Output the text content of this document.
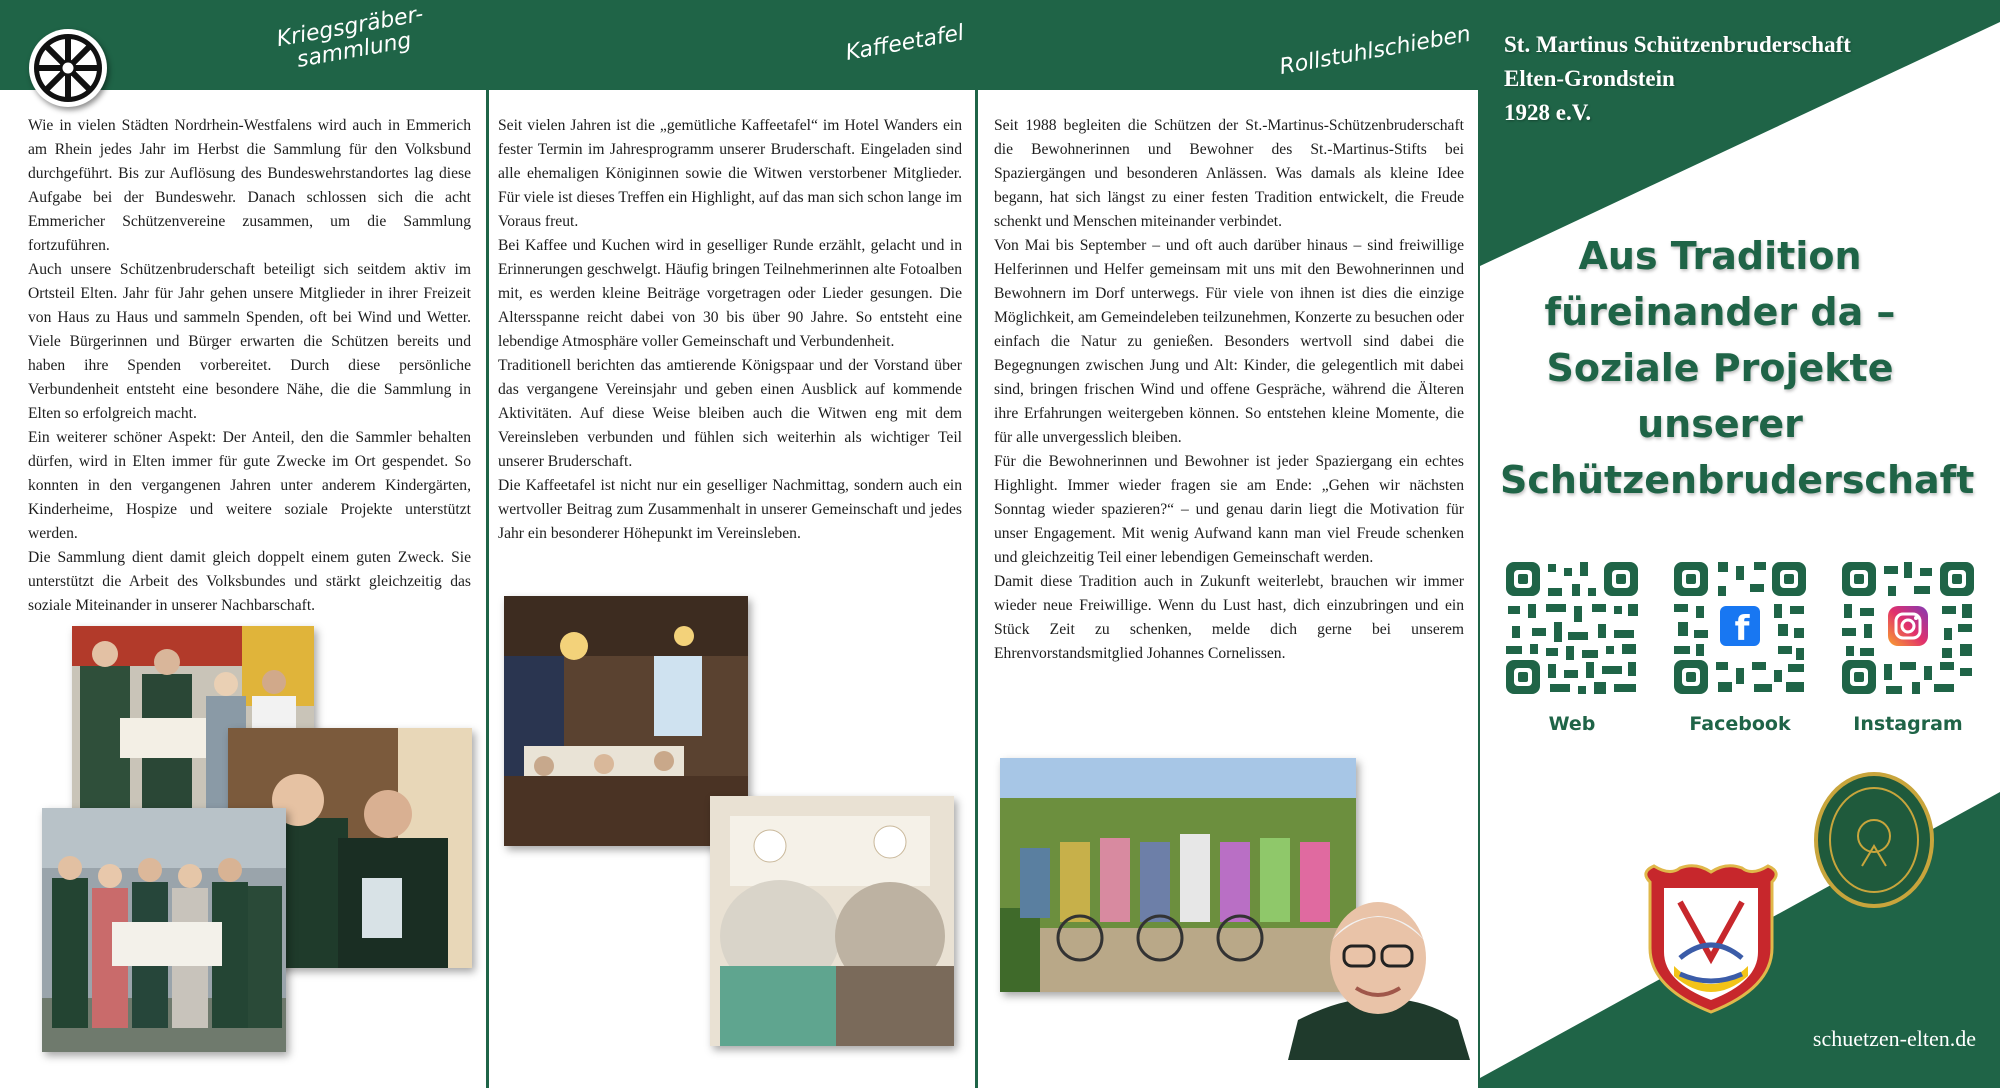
Kriegsgräber-
sammlung	Kaffeetafel	Rollstuhlschieben

Wie in vielen Städten Nordrhein-Westfalens wird auch in Emmerich am Rhein jedes Jahr im Herbst die Sammlung für den Volksbund durchgeführt. Bis zur Auflösung des Bundeswehrstandortes lag diese Aufgabe bei der Bundeswehr. Danach schlossen sich die acht Emmericher Schützenvereine zusammen, um die Sammlung fortzuführen.

Auch unsere Schützenbruderschaft beteiligt sich seitdem aktiv im Ortsteil Elten. Jahr für Jahr gehen unsere Mitglieder in ihrer Freizeit von Haus zu Haus und sammeln Spenden, oft bei Wind und Wetter. Viele Bürgerinnen und Bürger erwarten die Schützen bereits und haben ihre Spenden vorbereitet. Durch diese persönliche Verbundenheit entsteht eine besondere Nähe, die die Sammlung in Elten so erfolgreich macht.

Ein weiterer schöner Aspekt: Der Anteil, den die Sammler behalten dürfen, wird in Elten immer für gute Zwecke im Ort gespendet. So konnten in den vergangenen Jahren unter anderem Kindergärten, Kinderheime, Hospize und weitere soziale Projekte unterstützt werden.

Die Sammlung dient damit gleich doppelt einem guten Zweck. Sie unterstützt die Arbeit des Volksbundes und stärkt gleichzeitig das soziale Miteinander in unserer Nachbarschaft.

Seit vielen Jahren ist die „gemütliche Kaffeetafel“ im Hotel Wanders ein fester Termin im Jahresprogramm unserer Bruderschaft. Eingeladen sind alle ehemaligen Königinnen sowie die Witwen verstorbener Mitglieder. Für viele ist dieses Treffen ein Highlight, auf das man sich schon lange im Voraus freut.

Bei Kaffee und Kuchen wird in geselliger Runde erzählt, gelacht und in Erinnerungen geschwelgt. Häufig bringen Teilnehmerinnen alte Fotoalben mit, es werden kleine Beiträge vorgetragen oder Lieder gesungen. Die Altersspanne reicht dabei von 30 bis über 90 Jahre. So entsteht eine lebendige Atmosphäre voller Gemeinschaft und Verbundenheit.

Traditionell berichten das amtierende Königspaar und der Vorstand über das vergangene Vereinsjahr und geben einen Ausblick auf kommende Aktivitäten. Auf diese Weise bleiben auch die Witwen eng mit dem Vereinsleben verbunden und fühlen sich weiterhin als wichtiger Teil unserer Bruderschaft.

Die Kaffeetafel ist nicht nur ein geselliger Nachmittag, sondern auch ein wertvoller Beitrag zum Zusammenhalt in unserer Gemeinschaft und jedes Jahr ein besonderer Höhepunkt im Vereinsleben.

Seit 1988 begleiten die Schützen der St.-Martinus-Schützenbruderschaft die Bewohnerinnen und Bewohner des St.-Martinus-Stifts bei Spaziergängen und besonderen Anlässen. Was damals als kleine Idee begann, hat sich längst zu einer festen Tradition entwickelt, die Freude schenkt und Menschen miteinander verbindet.

Von Mai bis September – und oft auch darüber hinaus – sind freiwillige Helferinnen und Helfer gemeinsam mit uns mit den Bewohnerinnen und Bewohnern im Dorf unterwegs. Für viele von ihnen ist dies die einzige Möglichkeit, am Gemeindeleben teilzunehmen, Konzerte zu besuchen oder einfach die Natur zu genießen. Besonders wertvoll sind dabei die Begegnungen zwischen Jung und Alt: Kinder, die gelegentlich mit dabei sind, bringen frischen Wind und offene Gespräche, während die Älteren ihre Erfahrungen weitergeben können. So entstehen kleine Momente, die für alle unvergesslich bleiben.

Für die Bewohnerinnen und Bewohner ist jeder Spaziergang ein echtes Highlight. Immer wieder fragen sie am Ende: „Gehen wir nächsten Sonntag wieder spazieren?“ – und genau darin liegt die Motivation für unser Engagement. Mit wenig Aufwand kann man viel Freude schenken und gleichzeitig Teil einer lebendigen Gemeinschaft werden.

Damit diese Tradition auch in Zukunft weiterlebt, brauchen wir immer wieder neue Freiwillige. Wenn du Lust hast, dich einzubringen und ein Stück Zeit zu schenken, melde dich gerne bei unserem Ehrenvorstandsmitglied Johannes Cornelissen.

St. Martinus Schützenbruderschaft
Elten-Grondstein
1928 e.V.
Aus Tradition
füreinander da –
Soziale Projekte
unserer
Schützenbruderschaft
Web
f
Facebook	Instagram
schuetzen-elten.de
